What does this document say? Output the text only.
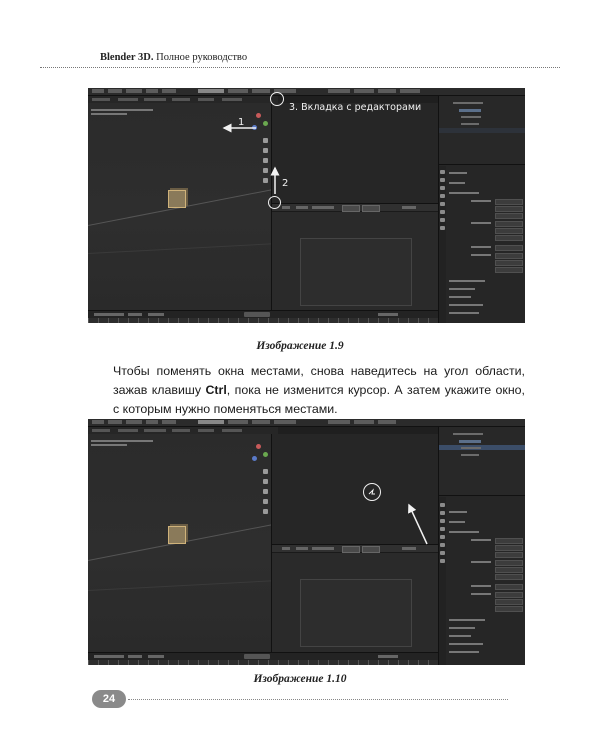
Blender 3D. Полное руководство
1
2
3. Вкладка с редакторами
Изображение 1.9
Чтобы поменять окна местами, снова наведитесь на угол области, зажав клавишу Ctrl, пока не изменится курсор. А затем укажите окно, с которым нужно поменяться местами.
Изображение 1.10
24
